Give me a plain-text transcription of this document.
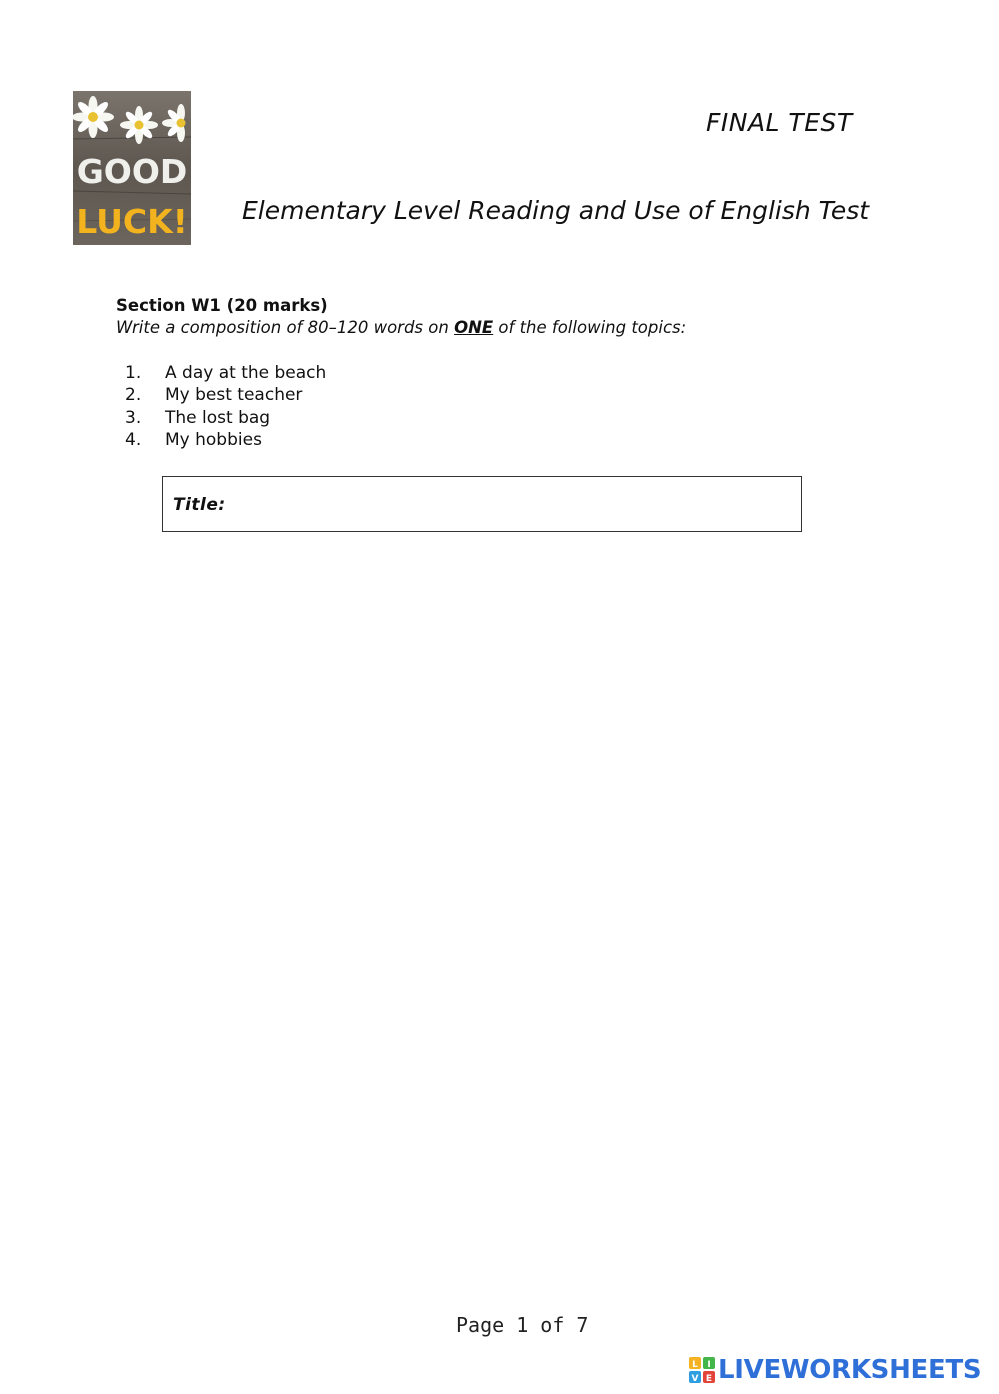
GOOD
LUCK!
FINAL TEST
Elementary Level Reading and Use of English Test
Section W1 (20 marks)
Write a composition of 80–120 words on ONE of the following topics:
1. A day at the beach
2. My best teacher
3. The lost bag
4. My hobbies
Title:
Page 1 of 7
L I
V E LIVEWORKSHEETS
